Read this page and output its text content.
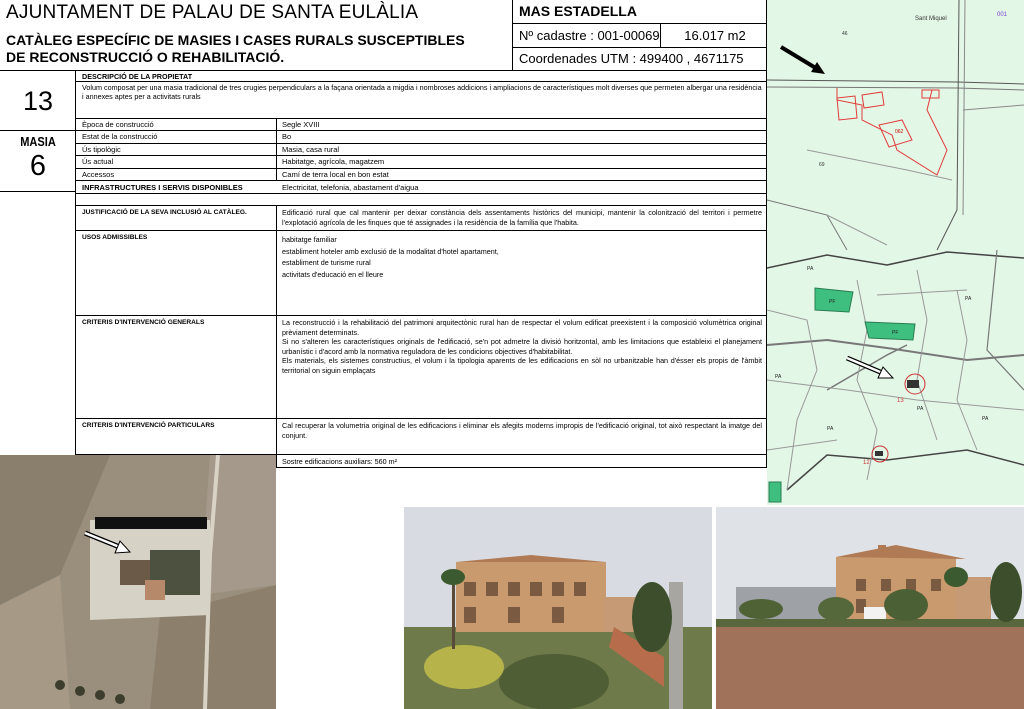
AJUNTAMENT DE PALAU DE SANTA EULÀLIA
CATÀLEG ESPECÍFIC DE MASIES I CASES RURALS SUSCEPTIBLES
DE RECONSTRUCCIÓ O REHABILITACIÓ.
MAS ESTADELLA
Nº cadastre : 001-00069	16.017 m2
Coordenades UTM : 499400 , 4671175
13
MASIA
6
DESCRIPCIÓ DE LA PROPIETAT
Volum composat per una masia tradicional de tres crugies perpendiculars a la façana orientada a migdia i nombroses addicions i ampliacions de característiques molt diverses que permeten albergar una residència i annexes aptes per a activitats rurals
Època de construcció	Segle XVIII
Estat de la construcció	Bo
Ús tipològic	Masia, casa rural
Ús actual	Habitatge, agrícola, magatzem
Accessos	Camí de terra local en bon estat
INFRASTRUCTURES I SERVIS DISPONIBLES	Electricitat, telefonia, abastament d'aigua
JUSTIFICACIÓ DE LA SEVA INCLUSIÓ AL CATÀLEG.	Edificació rural que cal mantenir per deixar constància dels assentaments històrics del municipi, mantenir la colonització del territori i permetre l'explotació agrícola de les finques que té assignades i la residència de la família que l'habita.
USOS ADMISSIBLES	habitatge familiar
establiment hoteler amb exclusió de la modalitat d'hotel apartament,
establiment de turisme rural
activitats d'educació en el lleure
CRITERIS D'INTERVENCIÓ GENERALS	La reconstrucció i la rehabilitació del patrimoni arquitectònic rural han de respectar el volum edificat preexistent i la composició volumètrica original prèviament determinats.
Si no s'alteren les característiques originals de l'edificació, se'n pot admetre la divisió horitzontal, amb les limitacions que estableixi el planejament urbanístic i d'acord amb la normativa reguladora de les condicions objectives d'habitabilitat.
Els materials, els sistemes constructius, el volum i la tipologia aparents de les edificacions en sòl no urbanitzable han d'ésser els propis de l'àmbit territorial on siguin emplaçats
CRITERIS D'INTERVENCIÓ PARTICULARS	Cal recuperar la volumetria original de les edificacions i eliminar els afegits moderns impropis de l'edificació original, tot això respectant la imatge del conjunt.
Sostre edificacions auxiliars: 560 m²
Sant Miquel
001
062
46
69
PF
PF
PA
PA
PA
PA
PA
PA
13
12
